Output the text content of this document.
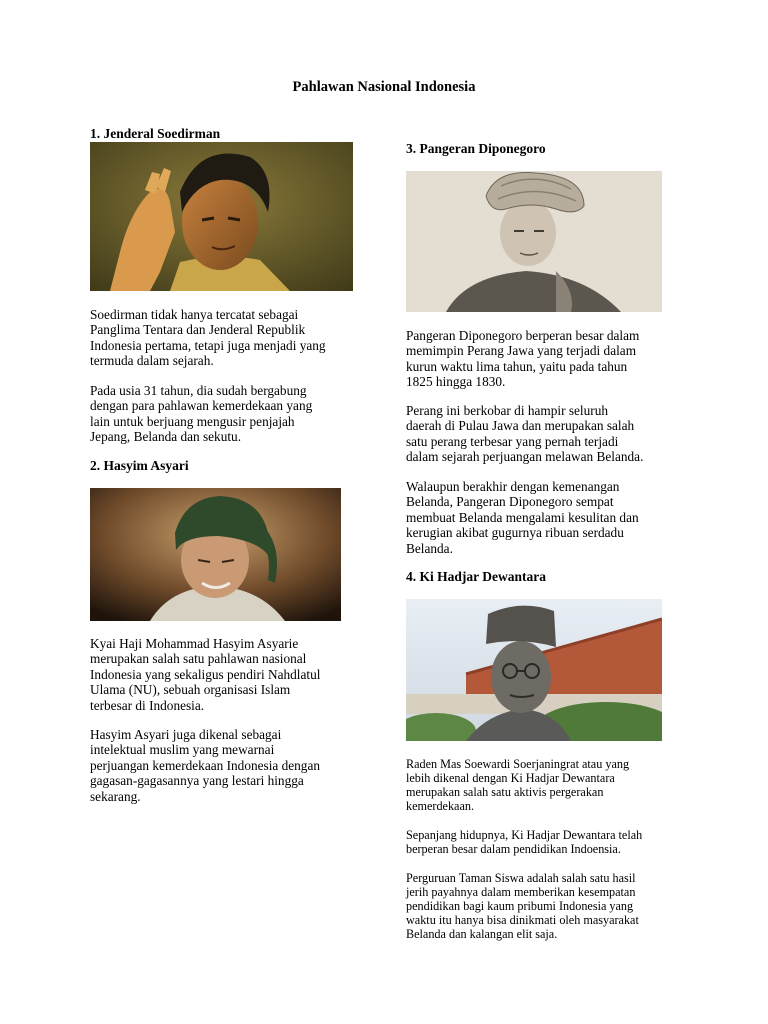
Pahlawan Nasional Indonesia
1. Jenderal Soedirman
Soedirman tidak hanya tercatat sebagai
Panglima Tentara dan Jenderal Republik
Indonesia pertama, tetapi juga menjadi yang
termuda dalam sejarah.
Pada usia 31 tahun, dia sudah bergabung
dengan para pahlawan kemerdekaan yang
lain untuk berjuang mengusir penjajah
Jepang, Belanda dan sekutu.
2. Hasyim Asyari
Kyai Haji Mohammad Hasyim Asyarie
merupakan salah satu pahlawan nasional
Indonesia yang sekaligus pendiri Nahdlatul
Ulama (NU), sebuah organisasi Islam
terbesar di Indonesia.
Hasyim Asyari juga dikenal sebagai
intelektual muslim yang mewarnai
perjuangan kemerdekaan Indonesia dengan
gagasan-gagasannya yang lestari hingga
sekarang.
3. Pangeran Diponegoro
Pangeran Diponegoro berperan besar dalam
memimpin Perang Jawa yang terjadi dalam
kurun waktu lima tahun, yaitu pada tahun
1825 hingga 1830.
Perang ini berkobar di hampir seluruh
daerah di Pulau Jawa dan merupakan salah
satu perang terbesar yang pernah terjadi
dalam sejarah perjuangan melawan Belanda.
Walaupun berakhir dengan kemenangan
Belanda, Pangeran Diponegoro sempat
membuat Belanda mengalami kesulitan dan
kerugian akibat gugurnya ribuan serdadu
Belanda.
4. Ki Hadjar Dewantara
Raden Mas Soewardi Soerjaningrat atau yang
lebih dikenal dengan Ki Hadjar Dewantara
merupakan salah satu aktivis pergerakan
kemerdekaan.
Sepanjang hidupnya, Ki Hadjar Dewantara telah
berperan besar dalam pendidikan Indoensia.
Perguruan Taman Siswa adalah salah satu hasil
jerih payahnya dalam memberikan kesempatan
pendidikan bagi kaum pribumi Indonesia yang
waktu itu hanya bisa dinikmati oleh masyarakat
Belanda dan kalangan elit saja.
